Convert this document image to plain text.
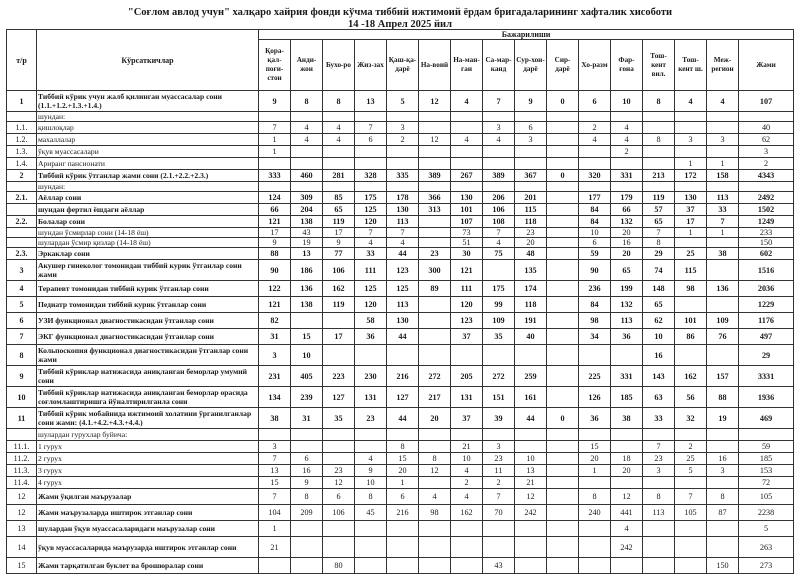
"Соғлом авлод учун" халқаро хайрия фонди кўчма тиббий ижтимоий ёрдам бригадаларининг хафталик хисоботи
14 -18 Апрел 2025 йил
т/р	Кўрсаткичлар	Бажарилиши															
		Қора-қал-поғи-стон	Анди-жон	Бухо-ро	Жиз-зах	Қаш-қа-дарё	На-воий	На-ман-ган	Са-мар-канд	Сур-хон-дарё	Сир-дарё	Хо-разм	Фар-ғона	Тош-кент вил.	Тош-кент ш.	Меж-регион	Жами
1	Тиббий кўрик учун жалб қилинган муассасалар сони (1.1.+1.2.+1.3.+1.4.)	9	8	8	13	5	12	4	7	9	0	6	10	8	4	4	107
	шундан:																
1.1.	қишлоқлар	7	4	4	7	3			3	6		2	4				40
1.2.	махаллалар	1	4	4	6	2	12	4	4	3		4	4	8	3	3	62
1.3.	ўқув муассасалари	1											2				3
1.4.	Ариранг пансионати														1	1	2
2	Тиббий кўрик ўтганлар жами сони (2.1.+2.2.+2.3.)	333	460	281	328	335	389	267	389	367	0	320	331	213	172	158	4343
	шундан:																
2.1.	Аёллар сони	124	309	85	175	178	366	130	206	201		177	179	119	130	113	2492
	шундан фертил ёшдаги аёллар	66	204	65	125	130	313	101	106	115		84	66	57	37	33	1502
2.2.	Болалар сони	121	138	119	120	113		107	108	118		84	132	65	17	7	1249
	шундан ўсмирлар сони (14-18 ёш)	17	43	17	7	7		73	7	23		10	20	7	1	1	233
	шулардан ўсмир қизлар (14-18 ёш)	9	19	9	4	4		51	4	20		6	16	8			150
2.3.	Эркаклар сони	88	13	77	33	44	23	30	75	48		59	20	29	25	38	602
3	Акушер гинеколог томонидан тиббий курик ўтганлар сони жами	90	186	106	111	123	300	121		135		90	65	74	115		1516
4	Терапевт томонидан тиббий курик ўтганлар сони	122	136	162	125	125	89	111	175	174		236	199	148	98	136	2036
5	Педиатр томонидан тиббий курик ўтганлар сони	121	138	119	120	113		120	99	118		84	132	65			1229
6	УЗИ функционал диагностикасидан ўтганлар сони	82			58	130		123	109	191		98	113	62	101	109	1176
7	ЭКГ функционал диагностикасидан ўтганлар сони	31	15	17	36	44		37	35	40		34	36	10	86	76	497
8	Кольпоскопия функционал диагностикасидан ўтганлар сони жами	3	10											16			29
9	Тиббий кўриклар натижасида аниқланган беморлар умумий сони	231	405	223	230	216	272	205	272	259		225	331	143	162	157	3331
10	Тиббий кўриклар натижасида аниқланган беморлар орасида соғломлаштиришга йўналтирилганла сони	134	239	127	131	127	217	131	151	161		126	185	63	56	88	1936
11	Тиббий кўрик мобайнида ижтимоий холатини ўрганилганлар сони жами: (4.1.+4.2.+4.3.+4.4.)	38	31	35	23	44	20	37	39	44	0	36	38	33	32	19	469
	шулардан гурухлар буйича:																
11.1.	1 гурух	3				8		21	3			15		7	2		59
11.2.	2 гурух	7	6		4	15	8	10	23	10		20	18	23	25	16	185
11.3.	3 гурух	13	16	23	9	20	12	4	11	13		1	20	3	5	3	153
11.4.	4 гурух	15	9	12	10	1		2	2	21							72
12	Жами ўқилган маърузалар	7	8	6	8	6	4	4	7	12		8	12	8	7	8	105
12	Жами маърузаларда иштирок этганлар сони	104	209	106	45	216	98	162	70	242		240	441	113	105	87	2238
13	шулардан ўқув муассасаларидаги маърузалар сони	1											4				5
14	ўқув муассасаларида маърузарда иштирок этганлар сони	21											242				263
15	Жами тарқатилган буклет ва брошюралар сони			80					43							150	273
